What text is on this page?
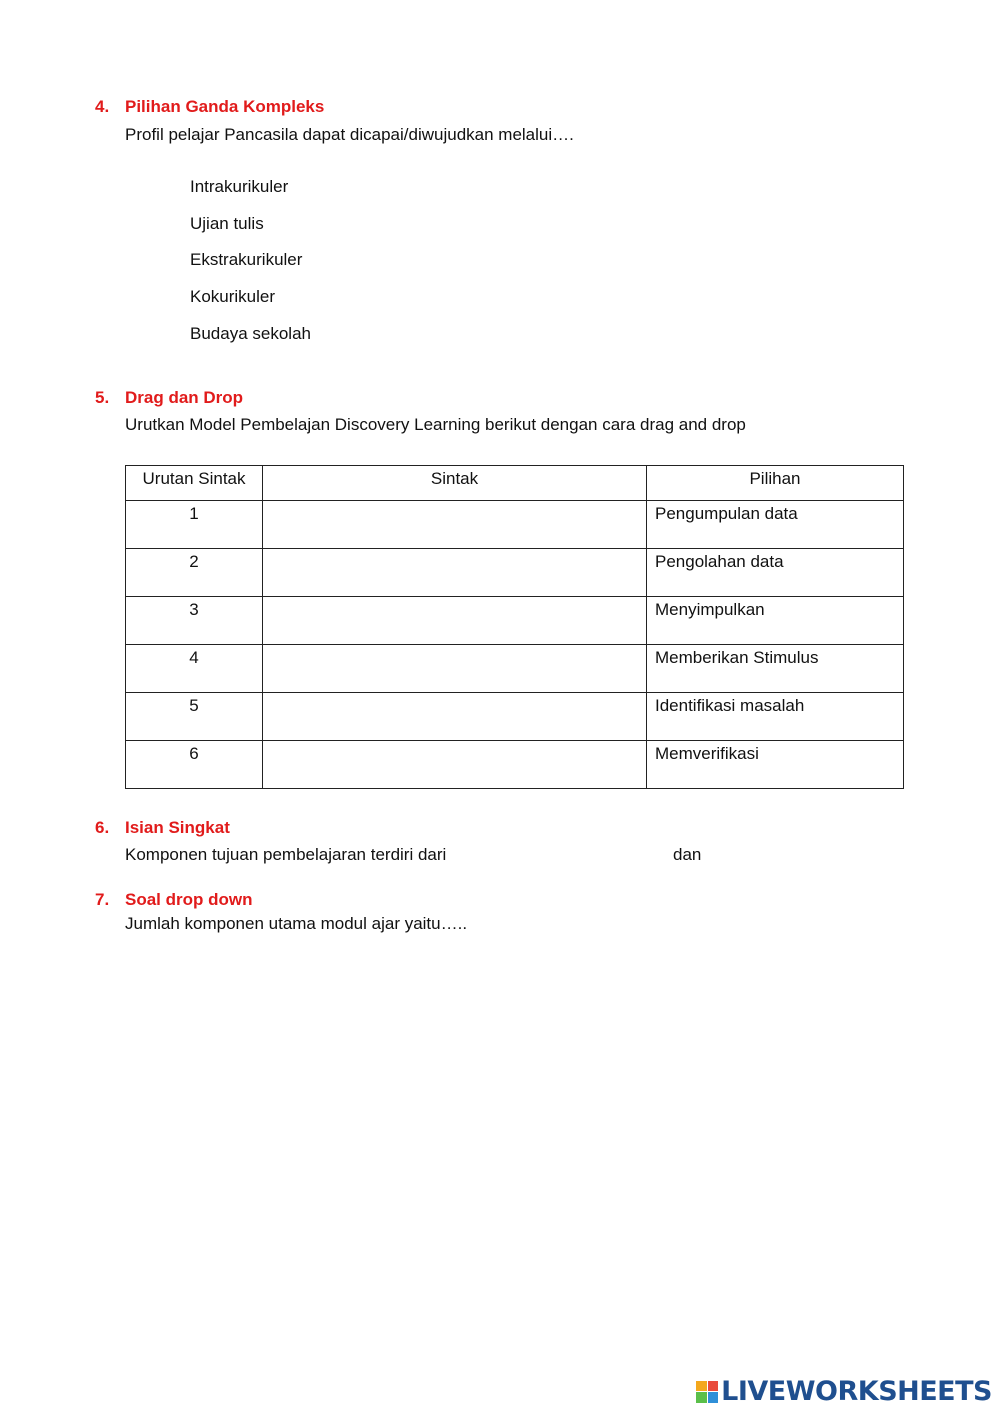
4. Pilihan Ganda Kompleks
Profil pelajar Pancasila dapat dicapai/diwujudkan melalui….
Intrakurikuler
Ujian tulis
Ekstrakurikuler
Kokurikuler
Budaya sekolah
5. Drag dan Drop
Urutkan Model Pembelajan Discovery Learning berikut dengan cara drag and drop
Urutan Sintak	Sintak	Pilihan
1		Pengumpulan data
2		Pengolahan data
3		Menyimpulkan
4		Memberikan Stimulus
5		Identifikasi masalah
6		Memverifikasi
6. Isian Singkat
Komponen tujuan pembelajaran terdiri dari	dan
7. Soal drop down
Jumlah komponen utama modul ajar yaitu…..
LIVEWORKSHEETS
